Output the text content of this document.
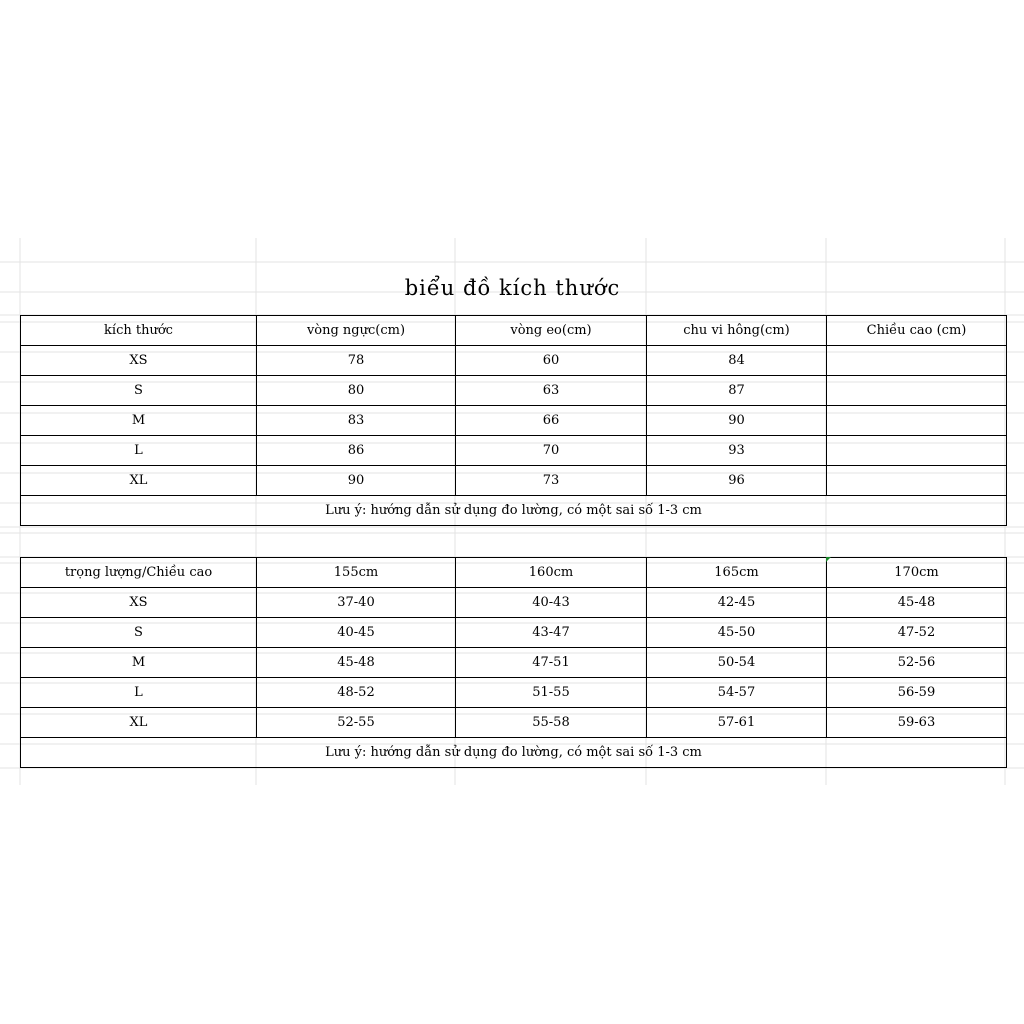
biểu đồ kích thước
kích thước	vòng ngực(cm)	vòng eo(cm)	chu vi hông(cm)	Chiều cao (cm)
XS	78	60	84	
S	80	63	87	
M	83	66	90	
L	86	70	93	
XL	90	73	96	
Lưu ý: hướng dẫn sử dụng đo lường, có một sai số 1-3 cm				
trọng lượng/Chiều cao	155cm	160cm	165cm	170cm
XS	37-40	40-43	42-45	45-48
S	40-45	43-47	45-50	47-52
M	45-48	47-51	50-54	52-56
L	48-52	51-55	54-57	56-59
XL	52-55	55-58	57-61	59-63
Lưu ý: hướng dẫn sử dụng đo lường, có một sai số 1-3 cm				
